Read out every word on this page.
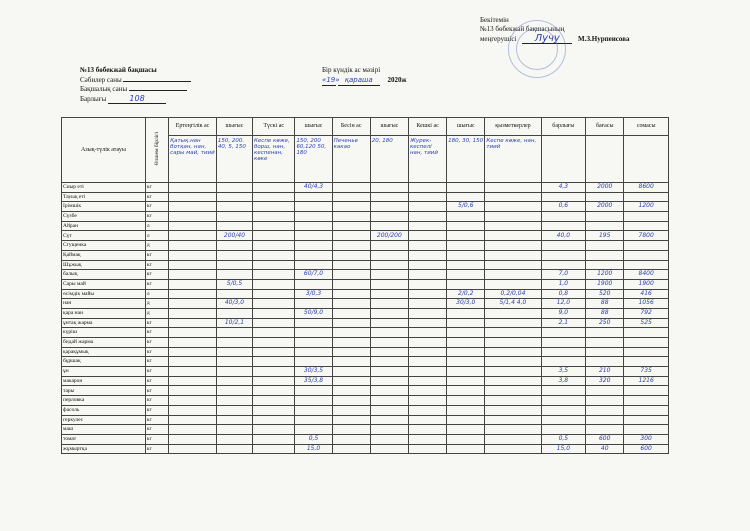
Бекітемін
№13 бөбекжай бақшасының
меңгерушісі Лучу	М.З.Нурпеисова
№13 бөбекжай бақшасы
Сәбилер саны
Бақшалық саны
Барлығы	108
Бір күндік ас мәзірі
«19» қараша 2020ж
Азық-түлік атауы	Өлшем бірлігі	Ертеңгілік ас	шығыс	Түскі ас	шығыс	Бесін ас	шығыс	Кешкі ас	шығыс	қызметкерлер	барлығы	бағасы	сомасы
		Қатық.нан ботқан, нан, сары май, тиий	150, 200. 40, 5, 150	Кеспе көже, борш, нан, кеспенан, көке	150, 200 60,120 50, 180	Печенье какао	20, 180	Журек-кеспелі нан, тиий	180, 30, 150	Кеспе көже, нан, тиий			
Сиыр еті	кг				40/4,3						4,3	2000	8600
Тауық еті	кг												
Ірімшік	кг								5/0,6		0,6	2000	1200
Сүзбе	кг												
Айран	л												
Сүт	л		200/40				200/200				40,0	195	7800
Сгущенка	д												
Қаймақ	кг												
Шұжық	кг												
балық	кг				60/7,0						7,0	1200	8400
Сары май	кг		5/0,5								1,0	1900	1900
өсімдік майы	л				3/0,3				2/0,2	0,2/0,04	0,8	520	416
нан	д		40/3,0						30/3,0	5/1,4 4,0	12,0	88	1056
қара нан	д				50/9,0						9,0	88	792
ұнтақ жарма	кг		10/2,1								2,1	250	525
күріш	кг												
бидай жарма	кг												
қарақұмық	кг												
бұршақ	кг												
ұн	кг				30/3,5						3,5	210	735
макарон	кг				35/3,8						3,8	320	1216
тары	кг												
перловка	кг												
фасоль	кг												
геркулес	кг												
маш	кг												
томат	кг				0,5						0,5	600	300
жұмыртқа	кг				15,0						15,0	40	600
